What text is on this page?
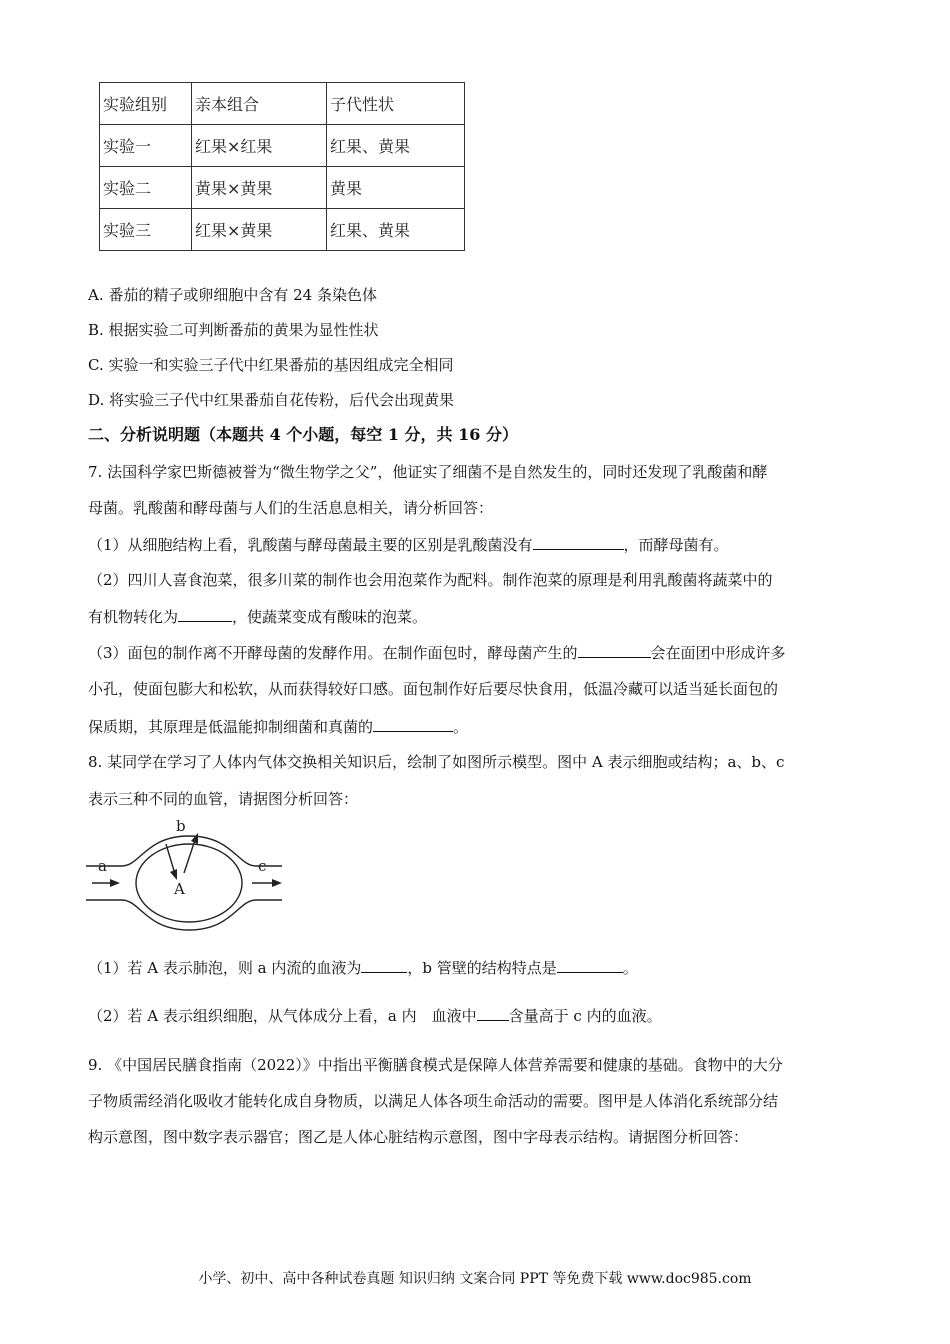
实验组别	亲本组合	子代性状
实验一	红果×红果	红果、黄果
实验二	黄果×黄果	黄果
实验三	红果×黄果	红果、黄果
A. 番茄的精子或卵细胞中含有 24 条染色体
B. 根据实验二可判断番茄的黄果为显性性状
C. 实验一和实验三子代中红果番茄的基因组成完全相同
D. 将实验三子代中红果番茄自花传粉，后代会出现黄果
二、分析说明题（本题共 4 个小题，每空 1 分，共 16 分）
7. 法国科学家巴斯德被誉为“微生物学之父”，他证实了细菌不是自然发生的，同时还发现了乳酸菌和酵
母菌。乳酸菌和酵母菌与人们的生活息息相关，请分析回答：
（1）从细胞结构上看，乳酸菌与酵母菌最主要的区别是乳酸菌没有	，而酵母菌有。
（2）四川人喜食泡菜，很多川菜的制作也会用泡菜作为配料。制作泡菜的原理是利用乳酸菌将蔬菜中的
有机物转化为	，使蔬菜变成有酸味的泡菜。
（3）面包的制作离不开酵母菌的发酵作用。在制作面包时，酵母菌产生的	会在面团中形成许多
小孔，使面包膨大和松软，从而获得较好口感。面包制作好后要尽快食用，低温冷藏可以适当延长面包的
保质期，其原理是低温能抑制细菌和真菌的	。
8. 某同学在学习了人体内气体交换相关知识后，绘制了如图所示模型。图中 A 表示细胞或结构；a、b、c
表示三种不同的血管，请据图分析回答：
a
b
c
A
（1）若 A 表示肺泡，则 a 内流的血液为	，b 管壁的结构特点是	。
（2）若 A 表示组织细胞，从气体成分上看，a 内　血液中 含量高于 c 内的血液。
9. 《中国居民膳食指南（2022）》中指出平衡膳食模式是保障人体营养需要和健康的基础。食物中的大分
子物质需经消化吸收才能转化成自身物质，以满足人体各项生命活动的需要。图甲是人体消化系统部分结
构示意图，图中数字表示器官；图乙是人体心脏结构示意图，图中字母表示结构。请据图分析回答：
小学、初中、高中各种试卷真题 知识归纳 文案合同 PPT 等免费下载 www.doc985.com
